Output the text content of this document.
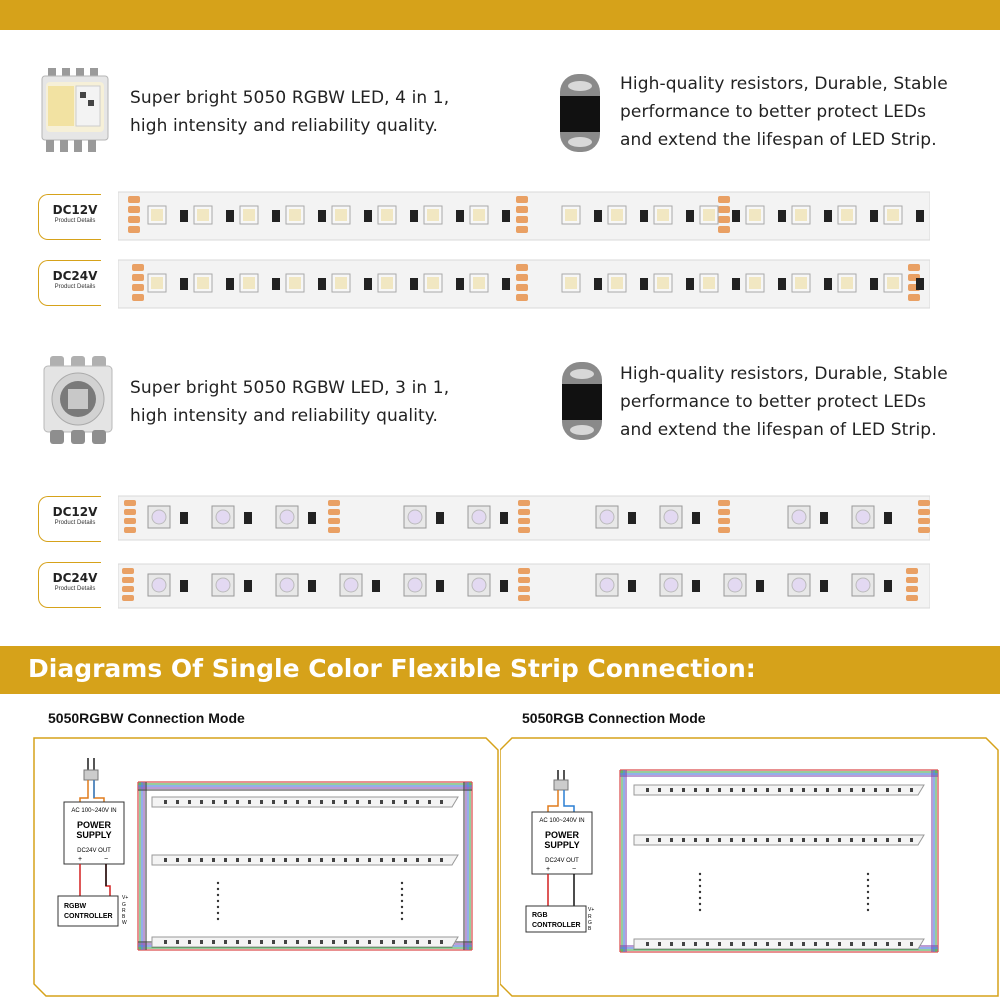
Super bright 5050 RGBW LED, 4 in 1,
high intensity and reliability quality.
High-quality resistors, Durable, Stable
performance to better protect LEDs
and extend the lifespan of LED Strip.
DC12V
Product Details
DC24V
Product Details
Super bright 5050 RGBW LED, 3 in 1,
high intensity and reliability quality.
High-quality resistors, Durable, Stable
performance to better protect LEDs
and extend the lifespan of LED Strip.
DC12V
Product Details
DC24V
Product Details
Diagrams Of Single Color Flexible Strip Connection:
5050RGBW Connection Mode	5050RGB Connection Mode
AC 100~240V IN
POWER
SUPPLY
DC24V OUT
+	−
RGBW
CONTROLLER
V+
G
R
B
W
AC 100~240V IN
POWER
SUPPLY
DC24V OUT
+	−
RGB
CONTROLLER
V+
R
G
B
